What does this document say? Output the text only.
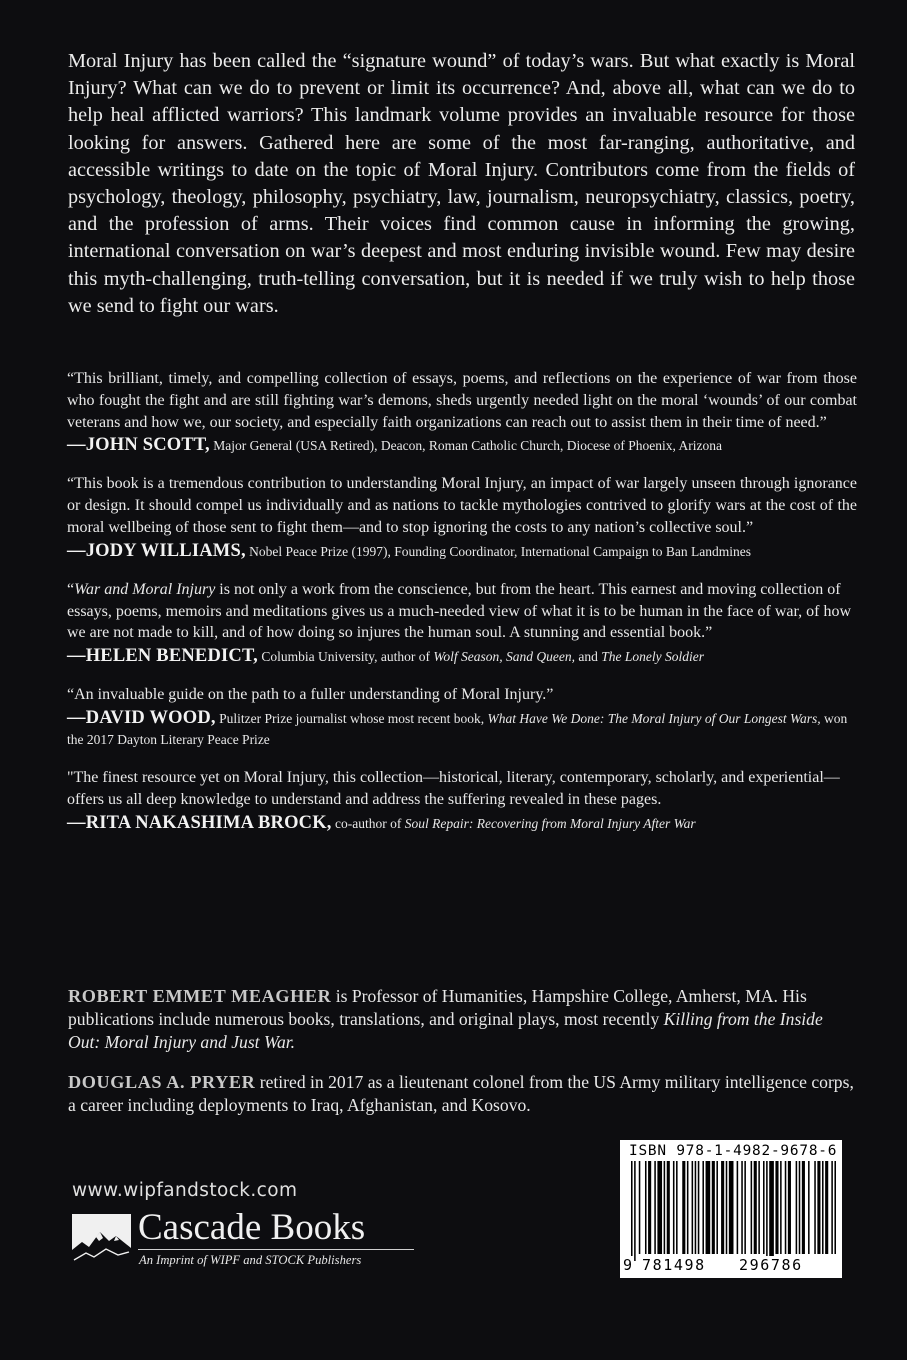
Moral Injury has been called the “signature wound” of today’s wars. But what exactly is Moral Injury? What can we do to prevent or limit its occurrence? And, above all, what can we do to help heal afflicted warriors? This landmark volume provides an invaluable resource for those looking for answers. Gathered here are some of the most far-ranging, authoritative, and accessible writings to date on the topic of Moral Injury. Contributors come from the fields of psychology, theology, philosophy, psychiatry, law, journalism, neuropsychiatry, classics, poetry, and the profession of arms. Their voices find common cause in informing the growing, international conversation on war’s deepest and most enduring invisible wound. Few may desire this myth-challenging, truth-telling conversation, but it is needed if we truly wish to help those we send to fight our wars.

“This brilliant, timely, and compelling collection of essays, poems, and reflections on the experience of war from those who fought the fight and are still fighting war’s demons, sheds urgently needed light on the moral ‘wounds’ of our combat veterans and how we, our society, and especially faith organizations can reach out to assist them in their time of need.”

—JOHN SCOTT, Major General (USA Retired), Deacon, Roman Catholic Church, Diocese of Phoenix, Arizona

“This book is a tremendous contribution to understanding Moral Injury, an impact of war largely unseen through ignorance or design. It should compel us individually and as nations to tackle mythologies contrived to glorify wars at the cost of the moral wellbeing of those sent to fight them—and to stop ignoring the costs to any nation’s collective soul.”

—JODY WILLIAMS, Nobel Peace Prize (1997), Founding Coordinator, International Campaign to Ban Landmines

“War and Moral Injury is not only a work from the conscience, but from the heart. This earnest and moving collection of essays, poems, memoirs and meditations gives us a much-needed view of what it is to be human in the face of war, of how we are not made to kill, and of how doing so injures the human soul. A stunning and essential book.”

—HELEN BENEDICT, Columbia University, author of Wolf Season, Sand Queen, and The Lonely Soldier

“An invaluable guide on the path to a fuller understanding of Moral Injury.”

—DAVID WOOD, Pulitzer Prize journalist whose most recent book, What Have We Done: The Moral Injury of Our Longest Wars, won the 2017 Dayton Literary Peace Prize

"The finest resource yet on Moral Injury, this collection—historical, literary, contemporary, scholarly, and experiential—offers us all deep knowledge to understand and address the suffering revealed in these pages.

—RITA NAKASHIMA BROCK, co-author of Soul Repair: Recovering from Moral Injury After War

ROBERT EMMET MEAGHER is Professor of Humanities, Hampshire College, Amherst, MA. His publications include numerous books, translations, and original plays, most recently Killing from the Inside Out: Moral Injury and Just War.

DOUGLAS A. PRYER retired in 2017 as a lieutenant colonel from the US Army military intelligence corps, a career including deployments to Iraq, Afghanistan, and Kosovo.

www.wipfandstock.com
Cascade Books
An Imprint of WIPF and STOCK Publishers
ISBN 978-1-4982-9678-6
9 781498 296786
